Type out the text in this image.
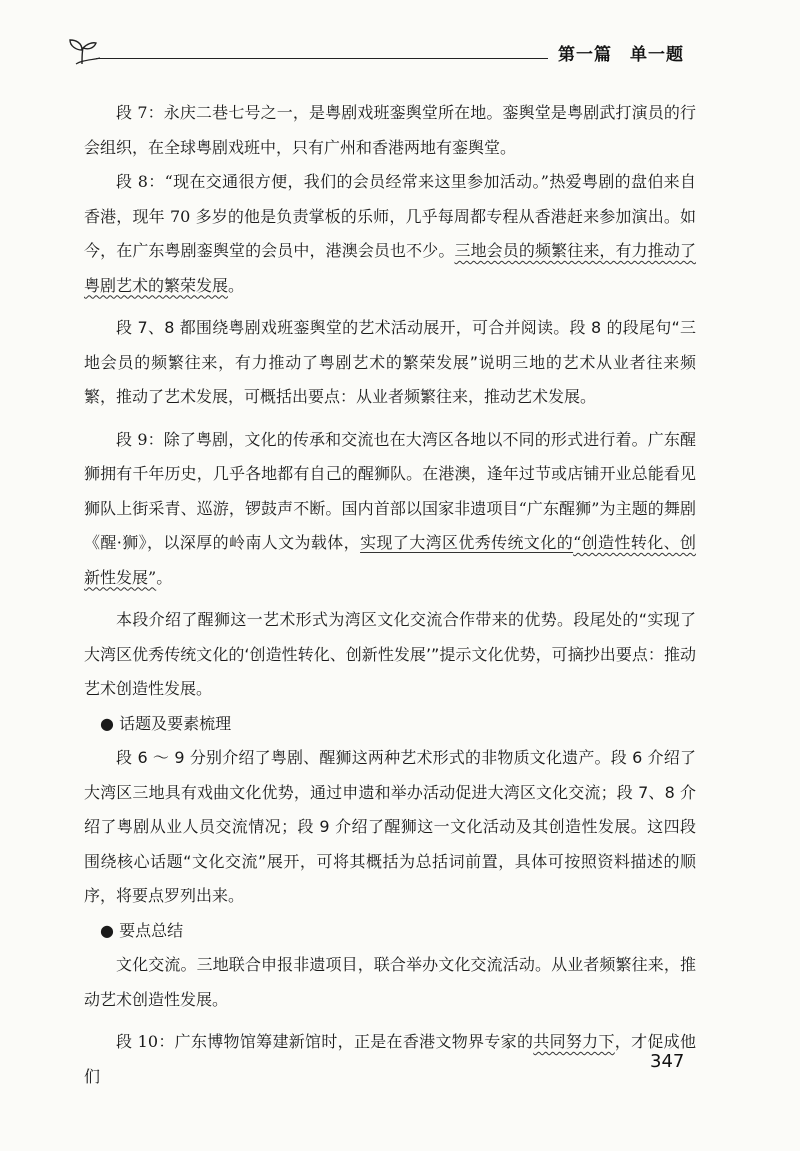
第一篇　单一题

段 7：永庆二巷七号之一，是粤剧戏班銮舆堂所在地。銮舆堂是粤剧武打演员的行会组织，在全球粤剧戏班中，只有广州和香港两地有銮舆堂。

段 8：“现在交通很方便，我们的会员经常来这里参加活动。”热爱粤剧的盘伯来自香港，现年 70 多岁的他是负责掌板的乐师，几乎每周都专程从香港赶来参加演出。如今，在广东粤剧銮舆堂的会员中，港澳会员也不少。三地会员的频繁往来，有力推动了粤剧艺术的繁荣发展。

段 7、8 都围绕粤剧戏班銮舆堂的艺术活动展开，可合并阅读。段 8 的段尾句“三地会员的频繁往来，有力推动了粤剧艺术的繁荣发展”说明三地的艺术从业者往来频繁，推动了艺术发展，可概括出要点：从业者频繁往来，推动艺术发展。

段 9：除了粤剧，文化的传承和交流也在大湾区各地以不同的形式进行着。广东醒狮拥有千年历史，几乎各地都有自己的醒狮队。在港澳，逢年过节或店铺开业总能看见狮队上街采青、巡游，锣鼓声不断。国内首部以国家非遗项目“广东醒狮”为主题的舞剧《醒·狮》，以深厚的岭南人文为载体，实现了大湾区优秀传统文化的“创造性转化、创新性发展”。

本段介绍了醒狮这一艺术形式为湾区文化交流合作带来的优势。段尾处的“实现了大湾区优秀传统文化的‘创造性转化、创新性发展’”提示文化优势，可摘抄出要点：推动艺术创造性发展。

● 话题及要素梳理

段 6 ～ 9 分别介绍了粤剧、醒狮这两种艺术形式的非物质文化遗产。段 6 介绍了大湾区三地具有戏曲文化优势，通过申遗和举办活动促进大湾区文化交流；段 7、8 介绍了粤剧从业人员交流情况；段 9 介绍了醒狮这一文化活动及其创造性发展。这四段围绕核心话题“文化交流”展开，可将其概括为总括词前置，具体可按照资料描述的顺序，将要点罗列出来。

● 要点总结

文化交流。三地联合申报非遗项目，联合举办文化交流活动。从业者频繁往来，推动艺术创造性发展。

段 10：广东博物馆筹建新馆时，正是在香港文物界专家的共同努力下，才促成他们

347
